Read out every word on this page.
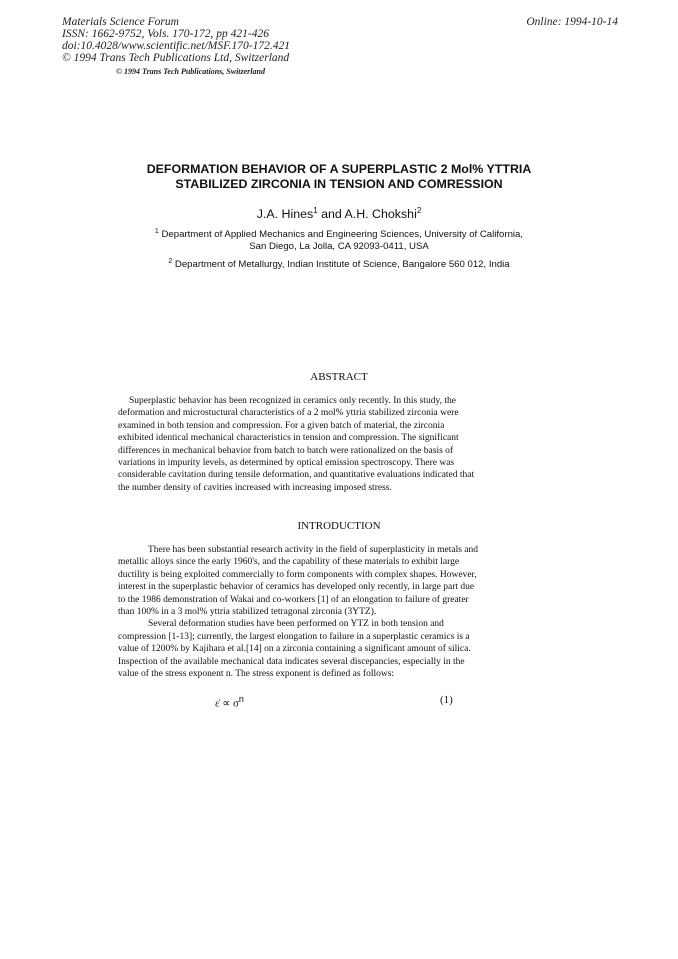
Materials Science Forum
ISSN: 1662-9752, Vols. 170-172, pp 421-426
doi:10.4028/www.scientific.net/MSF.170-172.421
© 1994 Trans Tech Publications Ltd, Switzerland
Online: 1994-10-14
© 1994 Trans Tech Publications, Switzerland
DEFORMATION BEHAVIOR OF A SUPERPLASTIC 2 Mol% YTTRIA
STABILIZED ZIRCONIA IN TENSION AND COMRESSION
J.A. Hines$^1$ and A.H. Chokshi$^2$
$^1$ Department of Applied Mechanics and Engineering Sciences, University of California,
San Diego, La Jolla, CA 92093-0411, USA
$^2$ Department of Metallurgy, Indian Institute of Science, Bangalore 560 012, India
ABSTRACT
Superplastic behavior has been recognized in ceramics only recently. In this study, the
deformation and microstuctural characteristics of a 2 mol% yttria stabilized zirconia were
examined in both tension and compression. For a given batch of material, the zirconia
exhibited identical mechanical characteristics in tension and compression. The significant
differences in mechanical behavior from batch to batch were rationalized on the basis of
variations in impurity levels, as determined by optical emission spectroscopy. There was
considerable cavitation during tensile deformation, and quantitative evaluations indicated that
the number density of cavities increased with increasing imposed stress.
INTRODUCTION
There has been substantial research activity in the field of superplasticity in metals and
metallic alloys since the early 1960's, and the capability of these materials to exhibit large
ductility is being exploited commercially to form components with complex shapes. However,
interest in the superplastic behavior of ceramics has developed only recently, in large part due
to the 1986 demonstration of Wakai and co-workers [1] of an elongation to failure of greater
than 100% in a 3 mol% yttria stabilized tetragonal zirconia (3YTZ).
Several deformation studies have been performed on YTZ in both tension and
compression [1-13]; currently, the largest elongation to failure in a superplastic ceramics is a
value of 1200% by Kajihara et al.[14] on a zirconia containing a significant amount of silica.
Inspection of the available mechanical data indicates several discepancies, especially in the
value of the stress exponent n. The stress exponent is defined as follows:
ε̇ ∝ $\sigma^n$	(1)
